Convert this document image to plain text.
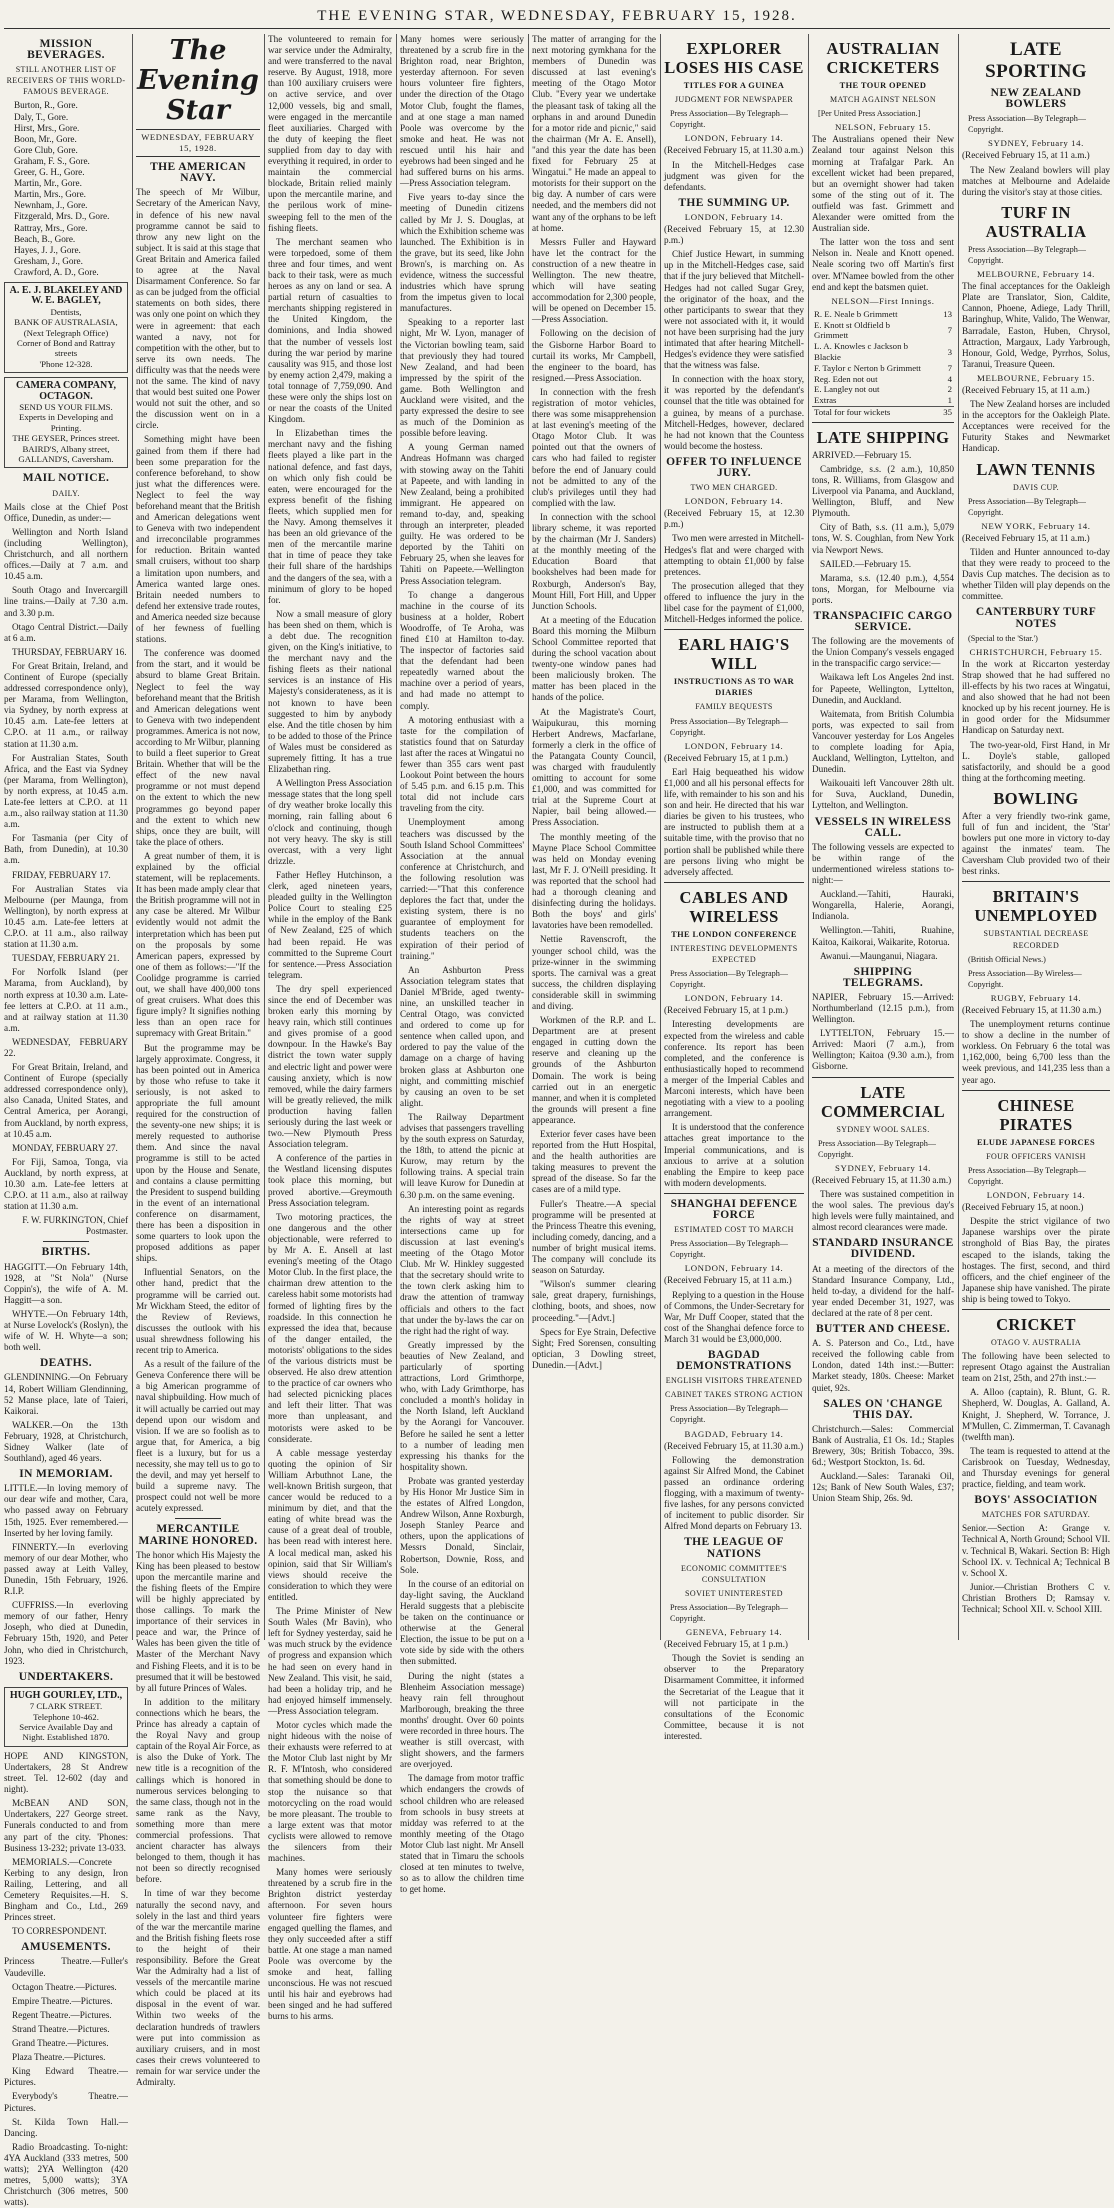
THE EVENING STAR, WEDNESDAY, FEBRUARY 15, 1928.
MISSION BEVERAGES.
STILL ANOTHER LIST OF RECEIVERS OF THIS WORLD-FAMOUS BEVERAGE.
Burton, R., Gore.
Daly, T., Gore.
Hirst, Mrs., Gore.
Boon, Mr., Gore.
Gore Club, Gore.
Graham, F. S., Gore.
Greer, G. H., Gore.
Martin, Mr., Gore.
Martin, Mrs., Gore.
Newnham, J., Gore.
Fitzgerald, Mrs. D., Gore.
Rattray, Mrs., Gore.
Beach, B., Gore.
Hayes, J. J., Gore.
Gresham, J., Gore.
Crawford, A. D., Gore.
A. E. J. BLAKELEY AND W. E. BAGLEY,
Dentists,
BANK OF AUSTRALASIA,
(Next Telegraph Office)
Corner of Bond and Rattray streets
'Phone 12-328.
CAMERA COMPANY, OCTAGON.
SEND US YOUR FILMS.
Experts in Developing and Printing.
THE GEYSER, Princes street.
BAIRD'S, Albany street, GALLAND'S, Caversham.
MAIL NOTICE.
DAILY.

Mails close at the Chief Post Office, Dunedin, as under:—

Wellington and North Island (including Wellington), Christchurch, and all northern offices.—Daily at 7 a.m. and 10.45 a.m.

South Otago and Invercargill line trains.—Daily at 7.30 a.m. and 3.30 p.m.

Otago Central District.—Daily at 6 a.m.

THURSDAY, FEBRUARY 16.

For Great Britain, Ireland, and Continent of Europe (specially addressed correspondence only), per Marama, from Wellington, via Sydney, by north express at 10.45 a.m. Late-fee letters at C.P.O. at 11 a.m., or railway station at 11.30 a.m.

For Australian States, South Africa, and the East via Sydney (per Marama, from Wellington), by north express, at 10.45 a.m. Late-fee letters at C.P.O. at 11 a.m., also railway station at 11.30 a.m.

For Tasmania (per City of Bath, from Dunedin), at 10.30 a.m.

FRIDAY, FEBRUARY 17.

For Australian States via Melbourne (per Maunga, from Wellington), by north express at 10.45 a.m. Late-fee letters at C.P.O. at 11 a.m., also railway station at 11.30 a.m.

TUESDAY, FEBRUARY 21.

For Norfolk Island (per Marama, from Auckland), by north express at 10.30 a.m. Late-fee letters at C.P.O. at 11 a.m., and at railway station at 11.30 a.m.

WEDNESDAY, FEBRUARY 22.

For Great Britain, Ireland, and Continent of Europe (specially addressed correspondence only), also Canada, United States, and Central America, per Aorangi, from Auckland, by north express, at 10.45 a.m.

MONDAY, FEBRUARY 27.

For Fiji, Samoa, Tonga, via Auckland, by north express, at 10.30 a.m. Late-fee letters at C.P.O. at 11 a.m., also at railway station at 11.30 a.m.

F. W. FURKINGTON, Chief Postmaster.

BIRTHS.

HAGGITT.—On February 14th, 1928, at "St Nola" (Nurse Coppin's), the wife of A. M. Haggitt—a son.

WHYTE.—On February 14th, at Nurse Lovelock's (Roslyn), the wife of W. H. Whyte—a son; both well.

DEATHS.

GLENDINNING.—On February 14, Robert William Glendinning, 52 Manse place, late of Taieri, Kaikorai.

WALKER.—On the 13th February, 1928, at Christchurch, Sidney Walker (late of Southland), aged 46 years.

IN MEMORIAM.

LITTLE.—In loving memory of our dear wife and mother, Cara, who passed away on February 15th, 1925. Ever remembered.—Inserted by her loving family.

FINNERTY.—In everloving memory of our dear Mother, who passed away at Leith Valley, Dunedin, 15th February, 1926. R.I.P.

CUFFRISS.—In everloving memory of our father, Henry Joseph, who died at Dunedin, February 15th, 1920, and Peter John, who died in Christchurch, 1923.

UNDERTAKERS.
HUGH GOURLEY, LTD.,
7 CLARK STREET.
Telephone 10-462.
Service Available Day and Night. Established 1870.

HOPE AND KINGSTON, Undertakers, 28 St Andrew street. Tel. 12-602 (day and night).

McBEAN AND SON, Undertakers, 227 George street. Funerals conducted to and from any part of the city. 'Phones: Business 13-232; private 13-033.

MEMORIALS.—Concrete Kerbing to any design, Iron Railing, Lettering, and all Cemetery Requisites.—H. S. Bingham and Co., Ltd., 269 Princes street.

TO CORRESPONDENT.

AMUSEMENTS.

Princess Theatre.—Fuller's Vaudeville.

Octagon Theatre.—Pictures.

Empire Theatre.—Pictures.

Regent Theatre.—Pictures.

Strand Theatre.—Pictures.

Grand Theatre.—Pictures.

Plaza Theatre.—Pictures.

King Edward Theatre.—Pictures.

Everybody's Theatre.—Pictures.

St. Kilda Town Hall.—Dancing.

Radio Broadcasting. To-night: 4YA Auckland (333 metres, 500 watts); 2YA Wellington (420 metres, 5,000 watts); 3YA Christchurch (306 metres, 500 watts).

The Evening Star
WEDNESDAY, FEBRUARY 15, 1928.
THE AMERICAN NAVY.

The speech of Mr Wilbur, Secretary of the American Navy, in defence of his new naval programme cannot be said to throw any new light on the subject. It is said at this stage that Great Britain and America failed to agree at the Naval Disarmament Conference. So far as can be judged from the official statements on both sides, there was only one point on which they were in agreement: that each wanted a navy, not for competition with the other, but to serve its own needs. The difficulty was that the needs were not the same. The kind of navy that would best suited one Power would not suit the other, and so the discussion went on in a circle.

Something might have been gained from them if there had been some preparation for the conference beforehand, to show just what the differences were. Neglect to feel the way beforehand meant that the British and American delegations went to Geneva with two independent and irreconcilable programmes for reduction. Britain wanted small cruisers, without too sharp a limitation upon numbers, and America wanted large ones. Britain needed numbers to defend her extensive trade routes, and America needed size because of her fewness of fuelling stations.

The conference was doomed from the start, and it would be absurd to blame Great Britain. Neglect to feel the way beforehand meant that the British and American delegations went to Geneva with two independent programmes. America is not now, according to Mr Wilbur, planning to build a fleet superior to Great Britain. Whether that will be the effect of the new naval programme or not must depend on the extent to which the new programmes go beyond paper and the extent to which new ships, once they are built, will take the place of others.

A great number of them, it is explained by the official statement, will be replacements. It has been made amply clear that the British programme will not in any case be altered. Mr Wilbur evidently would not admit the interpretation which has been put on the proposals by some American papers, expressed by one of them as follows:—"If the Coolidge programme is carried out, we shall have 400,000 tons of great cruisers. What does this figure imply? It signifies nothing less than an open race for supremacy with Great Britain."

But the programme may be largely approximate. Congress, it has been pointed out in America by those who refuse to take it seriously, is not asked to appropriate the full amount required for the construction of the seventy-one new ships; it is merely requested to authorise them. And since the naval programme is still to be acted upon by the House and Senate, and contains a clause permitting the President to suspend building in the event of an international conference on disarmament, there has been a disposition in some quarters to look upon the proposed additions as paper ships.

Influential Senators, on the other hand, predict that the programme will be carried out. Mr Wickham Steed, the editor of the Review of Reviews, discusses the outlook with his usual shrewdness following his recent trip to America.

As a result of the failure of the Geneva Conference there will be a big American programme of naval shipbuilding. How much of it will actually be carried out may depend upon our wisdom and vision. If we are so foolish as to argue that, for America, a big fleet is a luxury, but for us a necessity, she may tell us to go to the devil, and may yet herself to build a supreme navy. The prospect could not well be more acutely expressed.

MERCANTILE MARINE HONORED.

The honor which His Majesty the King has been pleased to bestow upon the mercantile marine and the fishing fleets of the Empire will be highly appreciated by those callings. To mark the importance of their services in peace and war, the Prince of Wales has been given the title of Master of the Merchant Navy and Fishing Fleets, and it is to be presumed that it will be bestowed by all future Princes of Wales.

In addition to the military connections which he bears, the Prince has already a captain of the Royal Navy and group captain of the Royal Air Force, as is also the Duke of York. The new title is a recognition of the callings which is honored in numerous services belonging to the same class, though not in the same rank as the Navy, something more than mere commercial professions. That ancient character has always belonged to them, though it has not been so directly recognised before.

In time of war they become naturally the second navy, and solely in the last and third years of the war the mercantile marine and the British fishing fleets rose to the height of their responsibility. Before the Great War the Admiralty had a list of vessels of the mercantile marine which could be placed at its disposal in the event of war. Within two weeks of the declaration hundreds of trawlers were put into commission as auxiliary cruisers, and in most cases their crews volunteered to remain for war service under the Admiralty.

The volunteered to remain for war service under the Admiralty, and were transferred to the naval reserve. By August, 1918, more than 100 auxiliary cruisers were on active service, and over 12,000 vessels, big and small, were engaged in the mercantile fleet auxiliaries. Charged with the duty of keeping the fleet supplied from day to day with everything it required, in order to maintain the commercial blockade, Britain relied mainly upon the mercantile marine, and the perilous work of mine-sweeping fell to the men of the fishing fleets.

The merchant seamen who were torpedoed, some of them three and four times, and went back to their task, were as much heroes as any on land or sea. A partial return of casualties to merchants shipping registered in the United Kingdom, the dominions, and India showed that the number of vessels lost during the war period by marine causality was 915, and those lost by enemy action 2,479, making a total tonnage of 7,759,090. And these were only the ships lost on or near the coasts of the United Kingdom.

In Elizabethan times the merchant navy and the fishing fleets played a like part in the national defence, and fast days, on which only fish could be eaten, were encouraged for the express benefit of the fishing fleets, which supplied men for the Navy. Among themselves it has been an old grievance of the men of the mercantile marine that in time of peace they take their full share of the hardships and the dangers of the sea, with a minimum of glory to be hoped for.

Now a small measure of glory has been shed on them, which is a debt due. The recognition given, on the King's initiative, to the merchant navy and the fishing fleets as their national services is an instance of His Majesty's considerateness, as it is not known to have been suggested to him by anybody else. And the title chosen by him to be added to those of the Prince of Wales must be considered as supremely fitting. It has a true Elizabethan ring.

A Wellington Press Association message states that the long spell of dry weather broke locally this morning, rain falling about 6 o'clock and continuing, though not very heavy. The sky is still overcast, with a very light drizzle.

Father Hefley Hutchinson, a clerk, aged nineteen years, pleaded guilty in the Wellington Police Court to stealing £25 while in the employ of the Bank of New Zealand, £25 of which had been repaid. He was committed to the Supreme Court for sentence.—Press Association telegram.

The dry spell experienced since the end of December was broken early this morning by heavy rain, which still continues and gives promise of a good downpour. In the Hawke's Bay district the town water supply and electric light and power were causing anxiety, which is now removed, while the dairy farmers will be greatly relieved, the milk production having fallen seriously during the last week or two.—New Plymouth Press Association telegram.

A conference of the parties in the Westland licensing disputes took place this morning, but proved abortive.—Greymouth Press Association telegram.

Two motoring practices, the one dangerous and the other objectionable, were referred to by Mr A. E. Ansell at last evening's meeting of the Otago Motor Club. In the first place, the chairman drew attention to the careless habit some motorists had formed of lighting fires by the roadside. In this connection he expressed the idea that, because of the danger entailed, the motorists' obligations to the sides of the various districts must be observed. He also drew attention to the practice of car owners who had selected picnicking places and left their litter. That was more than unpleasant, and motorists were asked to be considerate.

A cable message yesterday quoting the opinion of Sir William Arbuthnot Lane, the well-known British surgeon, that cancer would be reduced to a minimum by diet, and that the eating of white bread was the cause of a great deal of trouble, has been read with interest here. A local medical man, asked his opinion, said that Sir William's views should receive the consideration to which they were entitled.

The Prime Minister of New South Wales (Mr Bavin), who left for Sydney yesterday, said he was much struck by the evidence of progress and expansion which he had seen on every hand in New Zealand. This visit, he said, had been a holiday trip, and he had enjoyed himself immensely.—Press Association telegram.

Motor cycles which made the night hideous with the noise of their exhausts were referred to at the Motor Club last night by Mr R. F. M'Intosh, who considered that something should be done to stop the nuisance so that motorcycling on the road would be more pleasant. The trouble to a large extent was that motor cyclists were allowed to remove the silencers from their machines.

Many homes were seriously threatened by a scrub fire in the Brighton district yesterday afternoon. For seven hours volunteer fire fighters were engaged quelling the flames, and they only succeeded after a stiff battle. At one stage a man named Poole was overcome by the smoke and heat, falling unconscious. He was not rescued until his hair and eyebrows had been singed and he had suffered burns to his arms.

Many homes were seriously threatened by a scrub fire in the Brighton road, near Brighton, yesterday afternoon. For seven hours volunteer fire fighters, under the direction of the Otago Motor Club, fought the flames, and at one stage a man named Poole was overcome by the smoke and heat. He was not rescued until his hair and eyebrows had been singed and he had suffered burns on his arms.—Press Association telegram.

Five years to-day since the meeting of Dunedin citizens called by Mr J. S. Douglas, at which the Exhibition scheme was launched. The Exhibition is in the grave, but its seed, like John Brown's, is marching on. As evidence, witness the successful industries which have sprung from the impetus given to local manufactures.

Speaking to a reporter last night, Mr W. Lyon, manager of the Victorian bowling team, said that previously they had toured New Zealand, and had been impressed by the spirit of the game. Both Wellington and Auckland were visited, and the party expressed the desire to see as much of the Dominion as possible before leaving.

A young German named Andreas Hofmann was charged with stowing away on the Tahiti at Papeete, and with landing in New Zealand, being a prohibited immigrant. He appeared on remand to-day, and, speaking through an interpreter, pleaded guilty. He was ordered to be deported by the Tahiti on February 25, when she leaves for Tahiti on Papeete.—Wellington Press Association telegram.

To change a dangerous machine in the course of its business at a holder, Robert Woodroffe, of Te Aroha, was fined £10 at Hamilton to-day. The inspector of factories said that the defendant had been repeatedly warned about the machine over a period of years, and had made no attempt to comply.

A motoring enthusiast with a taste for the compilation of statistics found that on Saturday last after the races at Wingatui no fewer than 355 cars went past Lookout Point between the hours of 5.45 p.m. and 6.15 p.m. This total did not include cars traveling from the city.

Unemployment among teachers was discussed by the South Island School Committees' Association at the annual conference at Christchurch, and the following resolution was carried:—"That this conference deplores the fact that, under the existing system, there is no guarantee of employment for students teachers on the expiration of their period of training."

An Ashburton Press Association telegram states that Daniel M'Bride, aged twenty-nine, an unskilled teacher in Central Otago, was convicted and ordered to come up for sentence when called upon, and ordered to pay the value of the damage on a charge of having broken glass at Ashburton one night, and committing mischief by causing an oven to be set alight.

The Railway Department advises that passengers travelling by the south express on Saturday, the 18th, to attend the picnic at Kurow, may return by the following trains. A special train will leave Kurow for Dunedin at 6.30 p.m. on the same evening.

An interesting point as regards the rights of way at street intersections came up for discussion at last evening's meeting of the Otago Motor Club. Mr W. Hinkley suggested that the secretary should write to the town clerk asking him to draw the attention of tramway officials and others to the fact that under the by-laws the car on the right had the right of way.

Greatly impressed by the beauties of New Zealand, and particularly of sporting attractions, Lord Grimthorpe, who, with Lady Grimthorpe, has concluded a month's holiday in the North Island, left Auckland by the Aorangi for Vancouver. Before he sailed he sent a letter to a number of leading men expressing his thanks for the hospitality shown.

Probate was granted yesterday by His Honor Mr Justice Sim in the estates of Alfred Longdon, Andrew Wilson, Anne Roxburgh, Joseph Stanley Pearce and others, upon the applications of Messrs Donald, Sinclair, Robertson, Downie, Ross, and Sole.

In the course of an editorial on day-light saving, the Auckland Herald suggests that a plebiscite be taken on the continuance or otherwise at the General Election, the issue to be put on a vote side by side with the others then submitted.

During the night (states a Blenheim Association message) heavy rain fell throughout Marlborough, breaking the three months' drought. Over 60 points were recorded in three hours. The weather is still overcast, with slight showers, and the farmers are overjoyed.

The damage from motor traffic which endangers the crowds of school children who are released from schools in busy streets at midday was referred to at the monthly meeting of the Otago Motor Club last night. Mr Ansell stated that in Timaru the schools closed at ten minutes to twelve, so as to allow the children time to get home.

The matter of arranging for the next motoring gymkhana for the members of Dunedin was discussed at last evening's meeting of the Otago Motor Club. "Every year we undertake the pleasant task of taking all the orphans in and around Dunedin for a motor ride and picnic," said the chairman (Mr A. E. Ansell), "and this year the date has been fixed for February 25 at Wingatui." He made an appeal to motorists for their support on the big day. A number of cars were needed, and the members did not want any of the orphans to be left at home.

Messrs Fuller and Hayward have let the contract for the construction of a new theatre in Wellington. The new theatre, which will have seating accommodation for 2,300 people, will be opened on December 15.—Press Association.

Following on the decision of the Gisborne Harbor Board to curtail its works, Mr Campbell, the engineer to the board, has resigned.—Press Association.

In connection with the fresh registration of motor vehicles, there was some misapprehension at last evening's meeting of the Otago Motor Club. It was pointed out that the owners of cars who had failed to register before the end of January could not be admitted to any of the club's privileges until they had complied with the law.

In connection with the school library scheme, it was reported by the chairman (Mr J. Sanders) at the monthly meeting of the Education Board that bookshelves had been made for Roxburgh, Anderson's Bay, Mount Hill, Fort Hill, and Upper Junction Schools.

At a meeting of the Education Board this morning the Milburn School Committee reported that during the school vacation about twenty-one window panes had been maliciously broken. The matter has been placed in the hands of the police.

At the Magistrate's Court, Waipukurau, this morning Herbert Andrews, Macfarlane, formerly a clerk in the office of the Patangata County Council, was charged with fraudulently omitting to account for some £1,000, and was committed for trial at the Supreme Court at Napier, bail being allowed.—Press Association.

The monthly meeting of the Mayne Place School Committee was held on Monday evening last, Mr F. J. O'Neill presiding. It was reported that the school had had a thorough cleaning and disinfecting during the holidays. Both the boys' and girls' lavatories have been remodelled.

Nettie Ravenscroft, the younger school child, was the prize-winner in the swimming sports. The carnival was a great success, the children displaying considerable skill in swimming and diving.

Workmen of the R.P. and L. Department are at present engaged in cutting down the reserve and cleaning up the grounds of the Ashburton Domain. The work is being carried out in an energetic manner, and when it is completed the grounds will present a fine appearance.

Exterior fever cases have been reported from the Hutt Hospital, and the health authorities are taking measures to prevent the spread of the disease. So far the cases are of a mild type.

Fuller's Theatre.—A special programme will be presented at the Princess Theatre this evening, including comedy, dancing, and a number of bright musical items. The company will conclude its season on Saturday.

"Wilson's summer clearing sale, great drapery, furnishings, clothing, boots, and shoes, now proceeding."—[Advt.]

Specs for Eye Strain, Defective Sight; Fred Sorensen, consulting optician, 3 Dowling street, Dunedin.—[Advt.]

EXPLORER LOSES HIS CASE
TITLES FOR A GUINEA
JUDGMENT FOR NEWSPAPER
Press Association—By Telegraph—Copyright.
LONDON, February 14.

(Received February 15, at 11.30 a.m.)

In the Mitchell-Hedges case judgment was given for the defendants.

THE SUMMING UP.
LONDON, February 14.

(Received February 15, at 12.30 p.m.)

Chief Justice Hewart, in summing up in the Mitchell-Hedges case, said that if the jury believed that Mitchell-Hedges had not called Sugar Grey, the originator of the hoax, and the other participants to swear that they were not associated with it, it would not have been surprising had the jury intimated that after hearing Mitchell-Hedges's evidence they were satisfied that the witness was false.

In connection with the hoax story, it was reported by the defendant's counsel that the title was obtained for a guinea, by means of a purchase. Mitchell-Hedges, however, declared he had not known that the Countess would become the hostess.

OFFER TO INFLUENCE JURY.
TWO MEN CHARGED.
LONDON, February 14.

(Received February 15, at 12.30 p.m.)

Two men were arrested in Mitchell-Hedges's flat and were charged with attempting to obtain £1,000 by false pretences.

The prosecution alleged that they offered to influence the jury in the libel case for the payment of £1,000, Mitchell-Hedges informed the police.

EARL HAIG'S WILL
INSTRUCTIONS AS TO WAR DIARIES
FAMILY BEQUESTS
Press Association—By Telegraph—Copyright.
LONDON, February 14.

(Received February 15, at 1 p.m.)

Earl Haig bequeathed his widow £1,000 and all his personal effects for life, with remainder to his son and his son and heir. He directed that his war diaries be given to his trustees, who are instructed to publish them at a suitable time, with the proviso that no portion shall be published while there are persons living who might be adversely affected.

CABLES AND WIRELESS
THE LONDON CONFERENCE
INTERESTING DEVELOPMENTS EXPECTED
Press Association—By Telegraph—Copyright.
LONDON, February 14.

(Received February 15, at 1 p.m.)

Interesting developments are expected from the wireless and cable conference. Its report has been completed, and the conference is enthusiastically hoped to recommend a merger of the Imperial Cables and Marconi interests, which have been negotiating with a view to a pooling arrangement.

It is understood that the conference attaches great importance to the Imperial communications, and is anxious to arrive at a solution enabling the Empire to keep pace with modern developments.

SHANGHAI DEFENCE FORCE
ESTIMATED COST TO MARCH
Press Association—By Telegraph—Copyright.
LONDON, February 14.

(Received February 15, at 11 a.m.)

Replying to a question in the House of Commons, the Under-Secretary for War, Mr Duff Cooper, stated that the cost of the Shanghai defence force to March 31 would be £3,000,000.

BAGDAD DEMONSTRATIONS
ENGLISH VISITORS THREATENED
CABINET TAKES STRONG ACTION
Press Association—By Telegraph—Copyright.
BAGDAD, February 14.

(Received February 15, at 11.30 a.m.)

Following the demonstration against Sir Alfred Mond, the Cabinet passed an ordinance ordering flogging, with a maximum of twenty-five lashes, for any persons convicted of incitement to public disorder. Sir Alfred Mond departs on February 13.

THE LEAGUE OF NATIONS
ECONOMIC COMMITTEE'S CONSULTATION
SOVIET UNINTERESTED
Press Association—By Telegraph—Copyright.
GENEVA, February 14.

(Received February 15, at 1 p.m.)

Though the Soviet is sending an observer to the Preparatory Disarmament Committee, it informed the Secretariat of the League that it will not participate in the consultations of the Economic Committee, because it is not interested.

AUSTRALIAN CRICKETERS
THE TOUR OPENED
MATCH AGAINST NELSON
[Per United Press Association.]
NELSON, February 15.

The Australians opened their New Zealand tour against Nelson this morning at Trafalgar Park. An excellent wicket had been prepared, but an overnight shower had taken some of the sting out of it. The outfield was fast. Grimmett and Alexander were omitted from the Australian side.

The latter won the toss and sent Nelson in. Neale and Knott opened. Neale scoring two off Martin's first over. M'Namee bowled from the other end and kept the batsmen quiet.

NELSON—First Innings.
R. E. Neale b Grimmett	13
E. Knott st Oldfield b Grimmett	7
L. A. Knowles c Jackson b Blackie	3
F. Taylor c Nerton b Grimmett	7
Reg. Eden not out	4
E. Langley not out	2
Extras	1
Total for four wickets	35
LATE SHIPPING

ARRIVED.—February 15.

Cambridge, s.s. (2 a.m.), 10,850 tons, R. Williams, from Glasgow and Liverpool via Panama, and Auckland, Wellington, Bluff, and New Plymouth.

City of Bath, s.s. (11 a.m.), 5,079 tons, W. S. Coughlan, from New York via Newport News.

SAILED.—February 15.

Marama, s.s. (12.40 p.m.), 4,554 tons, Morgan, for Melbourne via ports.

TRANSPACIFIC CARGO SERVICE.

The following are the movements of the Union Company's vessels engaged in the transpacific cargo service:—

Waikawa left Los Angeles 2nd inst. for Papeete, Wellington, Lyttelton, Dunedin, and Auckland.

Waitemata, from British Columbia ports, was expected to sail from Vancouver yesterday for Los Angeles to complete loading for Apia, Auckland, Wellington, Lyttelton, and Dunedin.

Waikouaiti left Vancouver 28th ult. for Suva, Auckland, Dunedin, Lyttelton, and Wellington.

VESSELS IN WIRELESS CALL.

The following vessels are expected to be within range of the undermentioned wireless stations to-night:—

Auckland.—Tahiti, Hauraki, Wongarella, Halerie, Aorangi, Indianola.

Wellington.—Tahiti, Ruahine, Kaitoa, Kaikorai, Waikarite, Rotorua.

Awanui.—Maunganui, Niagara.

SHIPPING TELEGRAMS.

NAPIER, February 15.—Arrived: Northumberland (12.15 p.m.), from Wellington.

LYTTELTON, February 15.—Arrived: Maori (7 a.m.), from Wellington; Kaitoa (9.30 a.m.), from Gisborne.

LATE COMMERCIAL
SYDNEY WOOL SALES.
Press Association—By Telegraph—Copyright.
SYDNEY, February 14.

(Received February 15, at 11.30 a.m.)

There was sustained competition in the wool sales. The previous day's high levels were fully maintained, and almost record clearances were made.

STANDARD INSURANCE DIVIDEND.

At a meeting of the directors of the Standard Insurance Company, Ltd., held to-day, a dividend for the half-year ended December 31, 1927, was declared at the rate of 8 per cent.

BUTTER AND CHEESE.

A. S. Paterson and Co., Ltd., have received the following cable from London, dated 14th inst.:—Butter: Market steady, 180s. Cheese: Market quiet, 92s.

SALES ON 'CHANGE THIS DAY.

Christchurch.—Sales: Commercial Bank of Australia, £1 Os. 1d.; Staples Brewery, 30s; British Tobacco, 39s. 6d.; Westport Stockton, 1s. 6d.

Auckland.—Sales: Taranaki Oil, 12s; Bank of New South Wales, £37; Union Steam Ship, 26s. 9d.

LATE SPORTING
NEW ZEALAND BOWLERS
Press Association—By Telegraph—Copyright.
SYDNEY, February 14.

(Received February 15, at 11 a.m.)

The New Zealand bowlers will play matches at Melbourne and Adelaide during the visitor's stay at those cities.

TURF IN AUSTRALIA
Press Association—By Telegraph—Copyright.
MELBOURNE, February 14.

The final acceptances for the Oakleigh Plate are Translator, Sion, Caldite, Cannon, Phoene, Adiege, Lady Thrill, Baringhup, White, Valido, The Wenwar, Barradale, Easton, Huben, Chrysol, Attraction, Margaux, Lady Yarbrough, Honour, Gold, Wedge, Pyrrhos, Solus, Taranui, Treasure Queen.

MELBOURNE, February 15.

(Received February 15, at 11 a.m.)

The New Zealand horses are included in the acceptors for the Oakleigh Plate. Acceptances were received for the Futurity Stakes and Newmarket Handicap.

LAWN TENNIS
DAVIS CUP.
Press Association—By Telegraph—Copyright.
NEW YORK, February 14.

(Received February 15, at 11 a.m.)

Tilden and Hunter announced to-day that they were ready to proceed to the Davis Cup matches. The decision as to whether Tilden will play depends on the committee.

CANTERBURY TURF NOTES
(Special to the 'Star.')
CHRISTCHURCH, February 15.

In the work at Riccarton yesterday Strap showed that he had suffered no ill-effects by his two races at Wingatui, and also showed that he had not been knocked up by his recent journey. He is in good order for the Midsummer Handicap on Saturday next.

The two-year-old, First Hand, in Mr L. Doyle's stable, galloped satisfactorily, and should be a good thing at the forthcoming meeting.

BOWLING

After a very friendly two-rink game, full of fun and incident, the 'Star' bowlers put one more in victory to-day against the inmates' team. The Caversham Club provided two of their best rinks.

BRITAIN'S UNEMPLOYED
SUBSTANTIAL DECREASE RECORDED
(British Official News.)
Press Association—By Wireless—Copyright.
RUGBY, February 14.

(Received February 15, at 11.30 a.m.)

The unemployment returns continue to show a decline in the number of workless. On February 6 the total was 1,162,000, being 6,700 less than the week previous, and 141,235 less than a year ago.

CHINESE PIRATES
ELUDE JAPANESE FORCES
FOUR OFFICERS VANISH
Press Association—By Telegraph—Copyright.
LONDON, February 14.

(Received February 15, at noon.)

Despite the strict vigilance of two Japanese warships over the pirate stronghold of Bias Bay, the pirates escaped to the islands, taking the hostages. The first, second, and third officers, and the chief engineer of the Japanese ship have vanished. The pirate ship is being towed to Tokyo.

CRICKET
OTAGO V. AUSTRALIA

The following have been selected to represent Otago against the Australian team on 21st, 25th, and 27th inst.:—

A. Alloo (captain), R. Blunt, G. R. Shepherd, W. Douglas, A. Galland, A. Knight, J. Shepherd, W. Torrance, J. M'Mullen, C. Zimmerman, T. Cavanagh (twelfth man).

The team is requested to attend at the Carisbrook on Tuesday, Wednesday, and Thursday evenings for general practice, fielding, and team work.

BOYS' ASSOCIATION
MATCHES FOR SATURDAY.

Senior.—Section A: Grange v. Technical A, North Ground; School VII. v. Technical B, Wakari. Section B: High School IX. v. Technical A; Technical B v. School X.

Junior.—Christian Brothers C v. Christian Brothers D; Ramsay v. Technical; School XII. v. School XIII.
